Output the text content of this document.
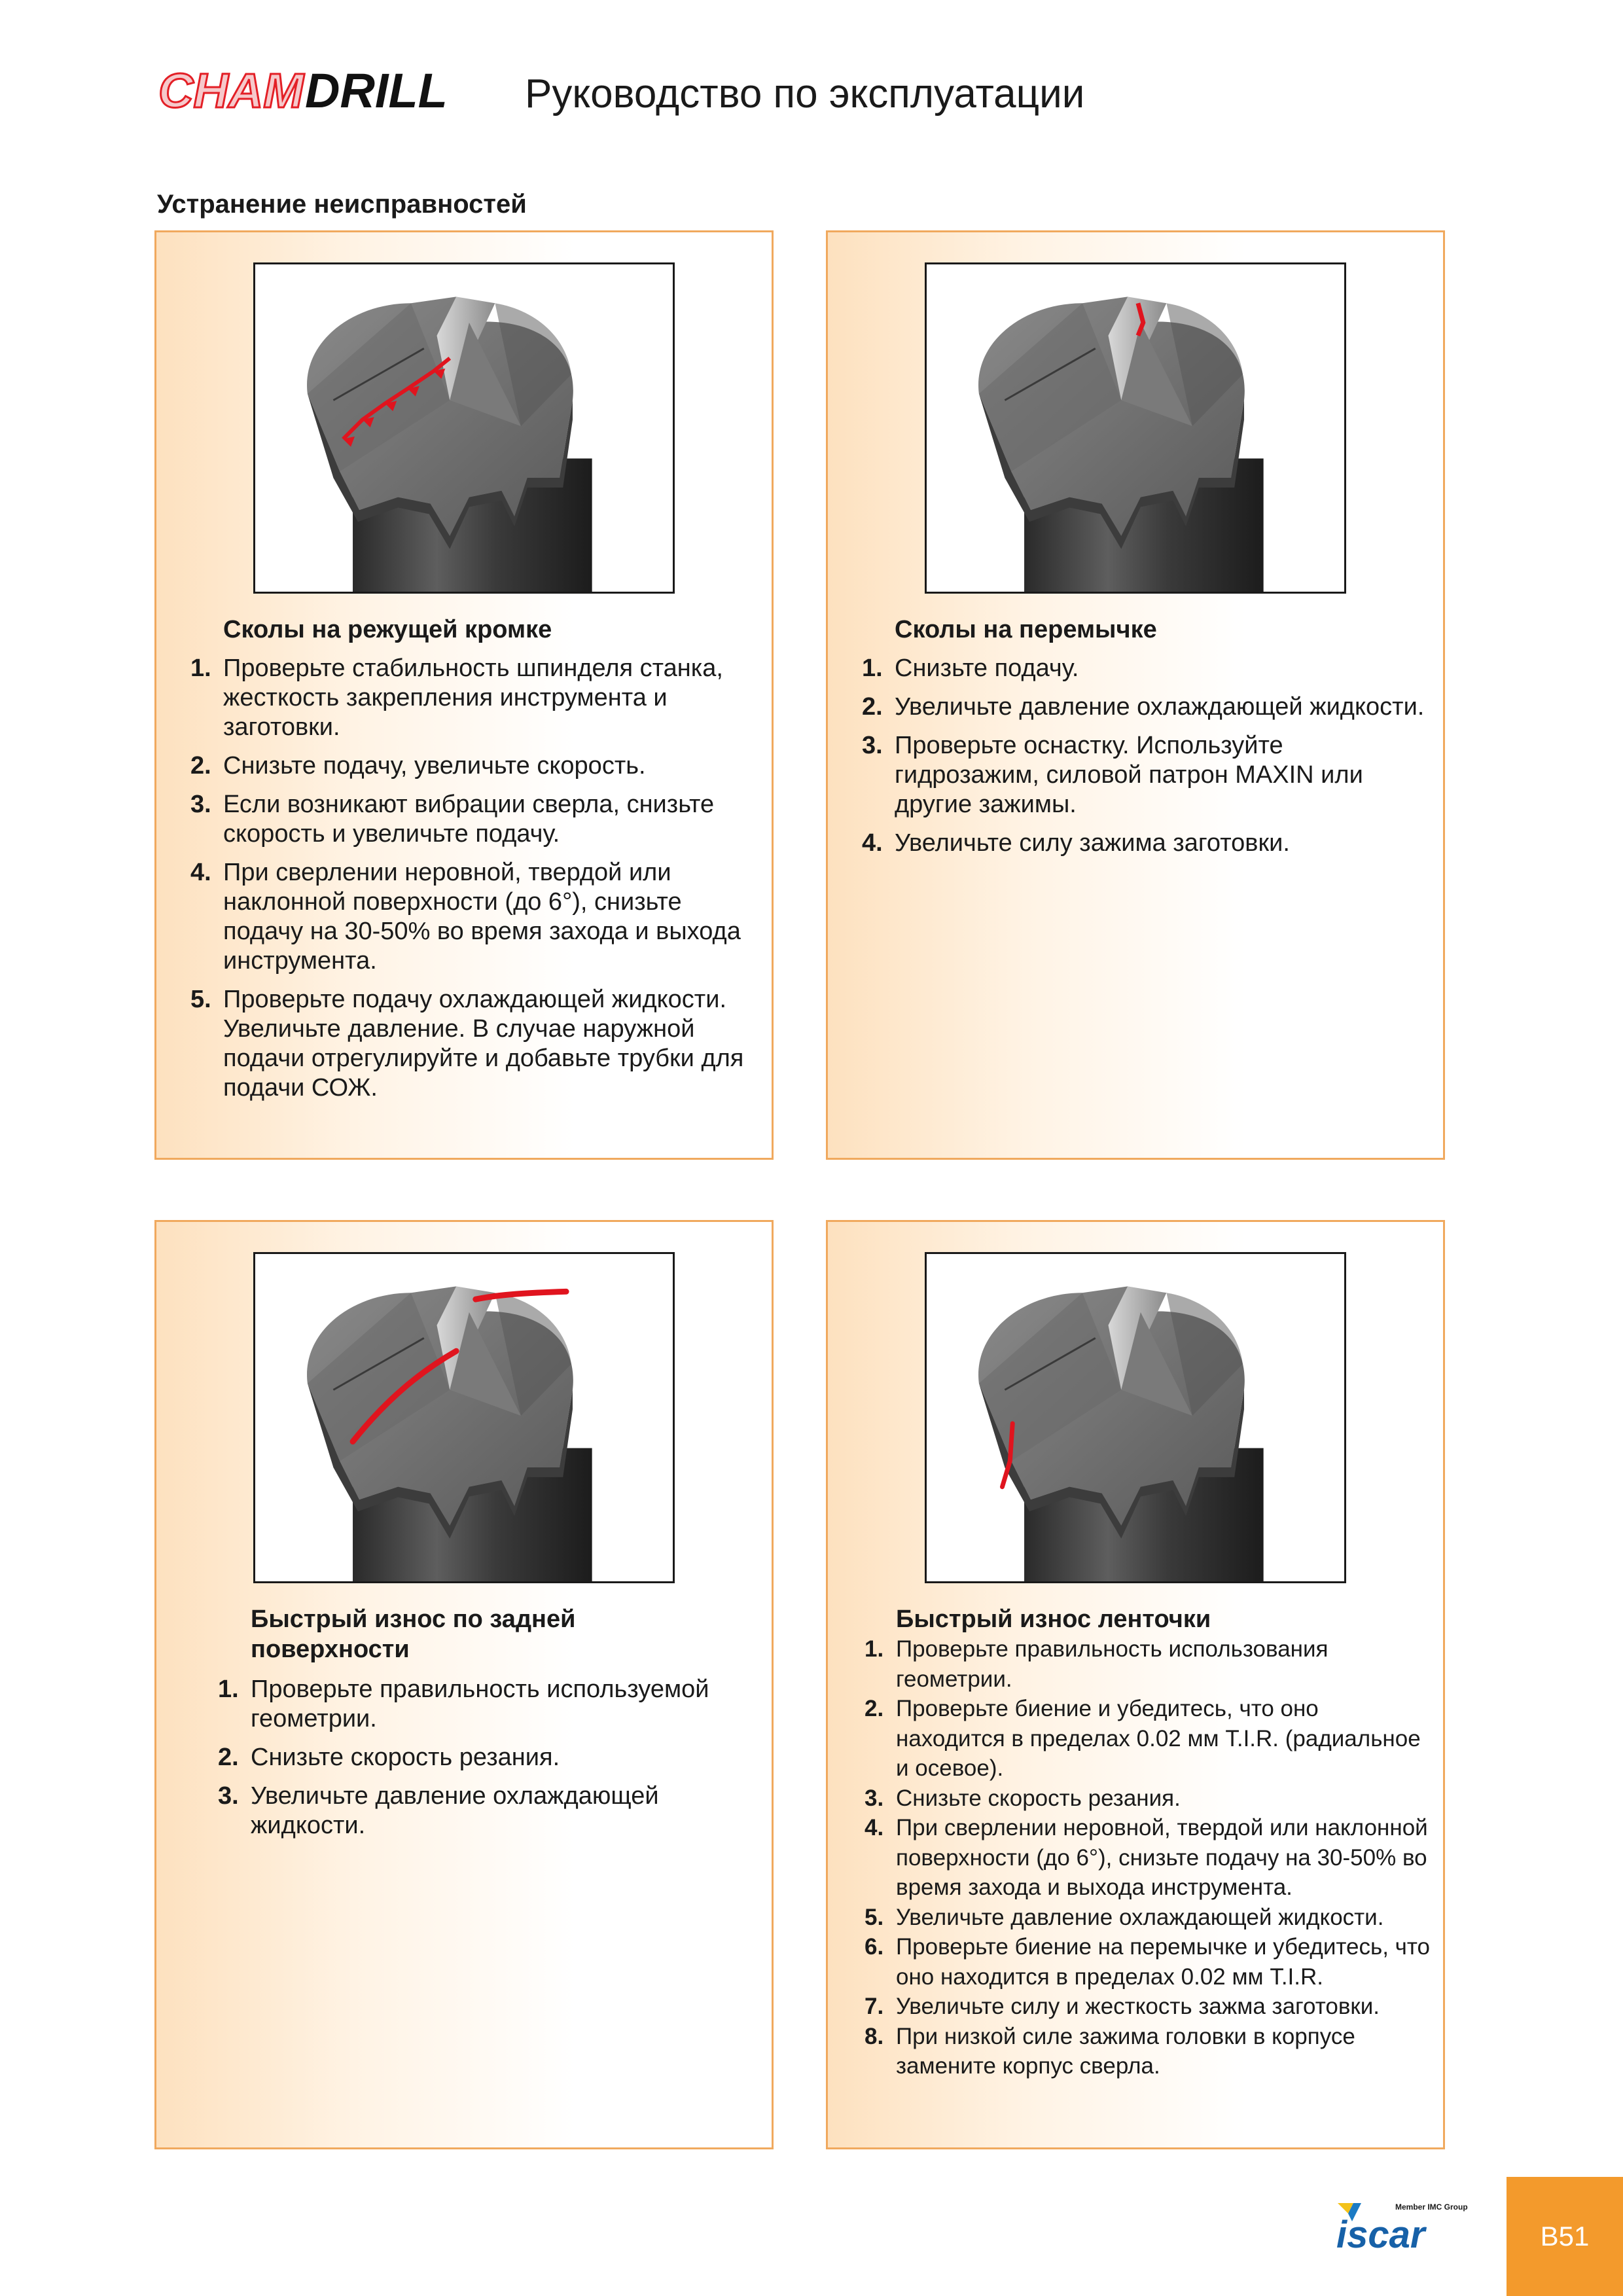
CHAM DRILL Руководство по эксплуатации
Устранение неисправностей
Сколы на режущей кромке
1. Проверьте стабильность шпинделя станка, жесткость закрепления инструмента и заготовки.
2. Снизьте подачу, увеличьте скорость.
3. Если возникают вибрации сверла, снизьте скорость и увеличьте подачу.
4. При сверлении неровной, твердой или наклонной поверхности (до 6°), снизьте подачу на 30-50% во время захода и выхода инструмента.
5. Проверьте подачу охлаждающей жидкости. Увеличьте давление. В случае наружной подачи отрегулируйте и добавьте трубки для подачи СОЖ.
Сколы на перемычке
1. Снизьте подачу.
2. Увеличьте давление охлаждающей жидкости.
3. Проверьте оснастку. Используйте гидрозажим, силовой патрон MAXIN или другие зажимы.
4. Увеличьте силу зажима заготовки.
Быстрый износ по задней поверхности
1. Проверьте правильность используемой геометрии.
2. Снизьте скорость резания.
3. Увеличьте давление охлаждающей жидкости.
Быстрый износ ленточки
1. Проверьте правильность использования геометрии.
2. Проверьте биение и убедитесь, что оно находится в пределах 0.02 мм T.I.R. (радиальное и осевое).
3. Снизьте скорость резания.
4. При сверлении неровной, твердой или наклонной поверхности (до 6°), снизьте подачу на 30-50% во время захода и выхода инструмента.
5. Увеличьте давление охлаждающей жидкости.
6. Проверьте биение на перемычке и убедитесь, что оно находится в пределах 0.02 мм T.I.R.
7. Увеличьте силу и жесткость зажма заготовки.
8. При низкой силе зажима головки в корпусе замените корпус сверла.
Member IMC Group
iscar	B51
